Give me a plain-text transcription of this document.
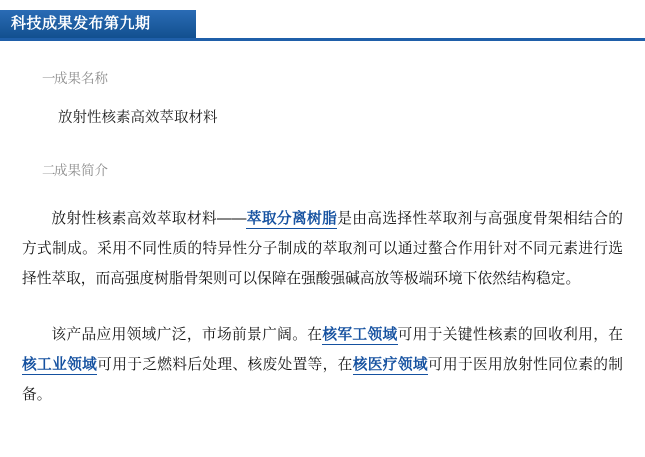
科技成果发布第九期
一
成果名称
放射性核素高效萃取材料
二
成果简介

放射性核素高效萃取材料——萃取分离树脂是由高选择性萃取剂与高强度骨架相结合的方式制成。采用不同性质的特异性分子制成的萃取剂可以通过螯合作用针对不同元素进行选择性萃取，而高强度树脂骨架则可以保障在强酸强碱高放等极端环境下依然结构稳定。

该产品应用领域广泛，市场前景广阔。在核军工领域可用于关键性核素的回收利用，在核工业领域可用于乏燃料后处理、核废处置等，在核医疗领域可用于医用放射性同位素的制备。
